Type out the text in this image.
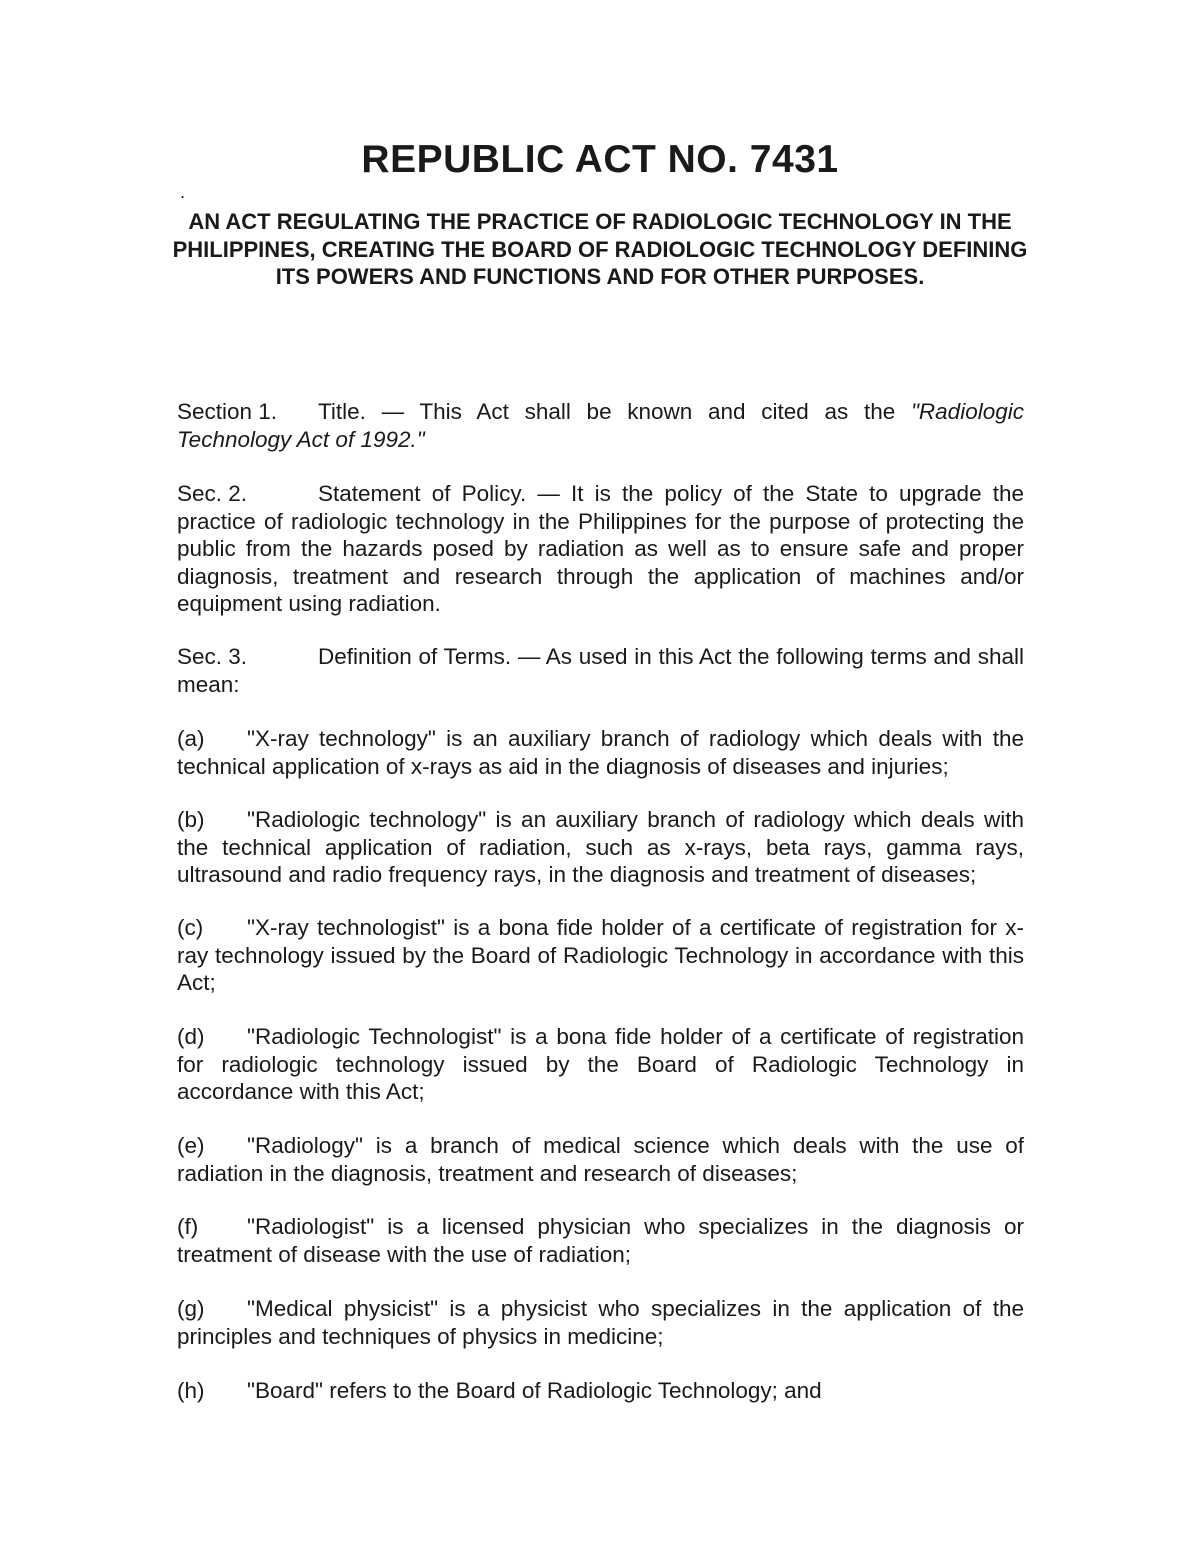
REPUBLIC ACT NO. 7431

.

AN ACT REGULATING THE PRACTICE OF RADIOLOGIC TECHNOLOGY IN THE PHILIPPINES, CREATING THE BOARD OF RADIOLOGIC TECHNOLOGY DEFINING ITS POWERS AND FUNCTIONS AND FOR OTHER PURPOSES.

Section 1. Title. — This Act shall be known and cited as the "Radiologic Technology Act of 1992."

Sec. 2.	Statement of Policy. — It is the policy of the State to upgrade the practice of radiologic technology in the Philippines for the purpose of protecting the public from the hazards posed by radiation as well as to ensure safe and proper diagnosis, treatment and research through the application of machines and/or equipment using radiation.

Sec. 3.	Definition of Terms. — As used in this Act the following terms and shall mean:

(a) "X-ray technology" is an auxiliary branch of radiology which deals with the technical application of x-rays as aid in the diagnosis of diseases and injuries;

(b) "Radiologic technology" is an auxiliary branch of radiology which deals with the technical application of radiation, such as x-rays, beta rays, gamma rays, ultrasound and radio frequency rays, in the diagnosis and treatment of diseases;

(c) "X-ray technologist" is a bona fide holder of a certificate of registration for x-ray technology issued by the Board of Radiologic Technology in accordance with this Act;

(d) "Radiologic Technologist" is a bona fide holder of a certificate of registration for radiologic technology issued by the Board of Radiologic Technology in accordance with this Act;

(e) "Radiology" is a branch of medical science which deals with the use of radiation in the diagnosis, treatment and research of diseases;

(f) "Radiologist" is a licensed physician who specializes in the diagnosis or treatment of disease with the use of radiation;

(g) "Medical physicist" is a physicist who specializes in the application of the principles and techniques of physics in medicine;

(h) "Board" refers to the Board of Radiologic Technology; and
